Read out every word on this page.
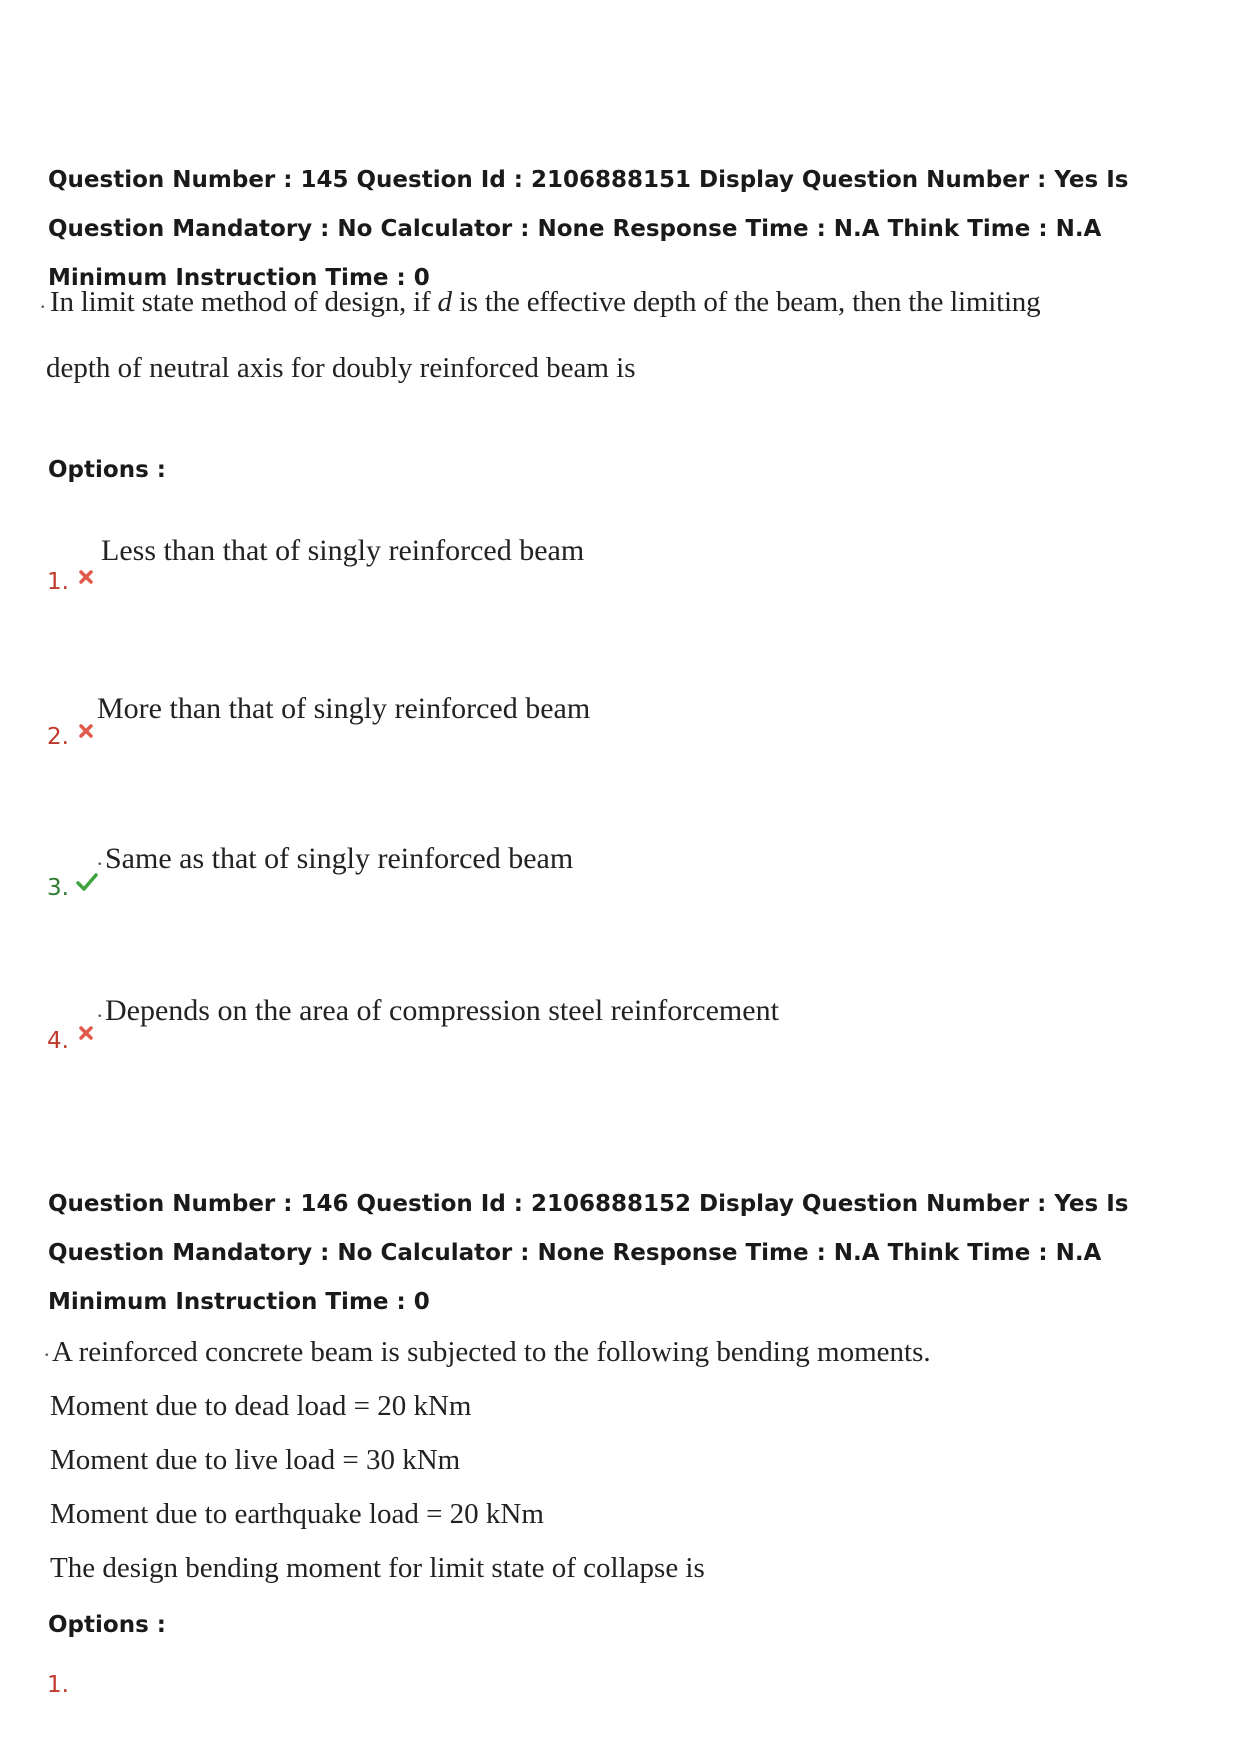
Question Number : 145 Question Id : 2106888151 Display Question Number : Yes Is Question Mandatory : No Calculator : None Response Time : N.A Think Time : N.A Minimum Instruction Time : 0

. In limit state method of design, if d is the effective depth of the beam, then the limiting
depth of neutral axis for doubly reinforced beam is
Options :
Less than that of singly reinforced beam
1.
More than that of singly reinforced beam
2.
. Same as that of singly reinforced beam
3.
. Depends on the area of compression steel reinforcement
4.

Question Number : 146 Question Id : 2106888152 Display Question Number : Yes Is Question Mandatory : No Calculator : None Response Time : N.A Think Time : N.A Minimum Instruction Time : 0

. A reinforced concrete beam is subjected to the following bending moments.
Moment due to dead load = 20 kNm
Moment due to live load = 30 kNm
Moment due to earthquake load = 20 kNm
The design bending moment for limit state of collapse is
Options :
1.
